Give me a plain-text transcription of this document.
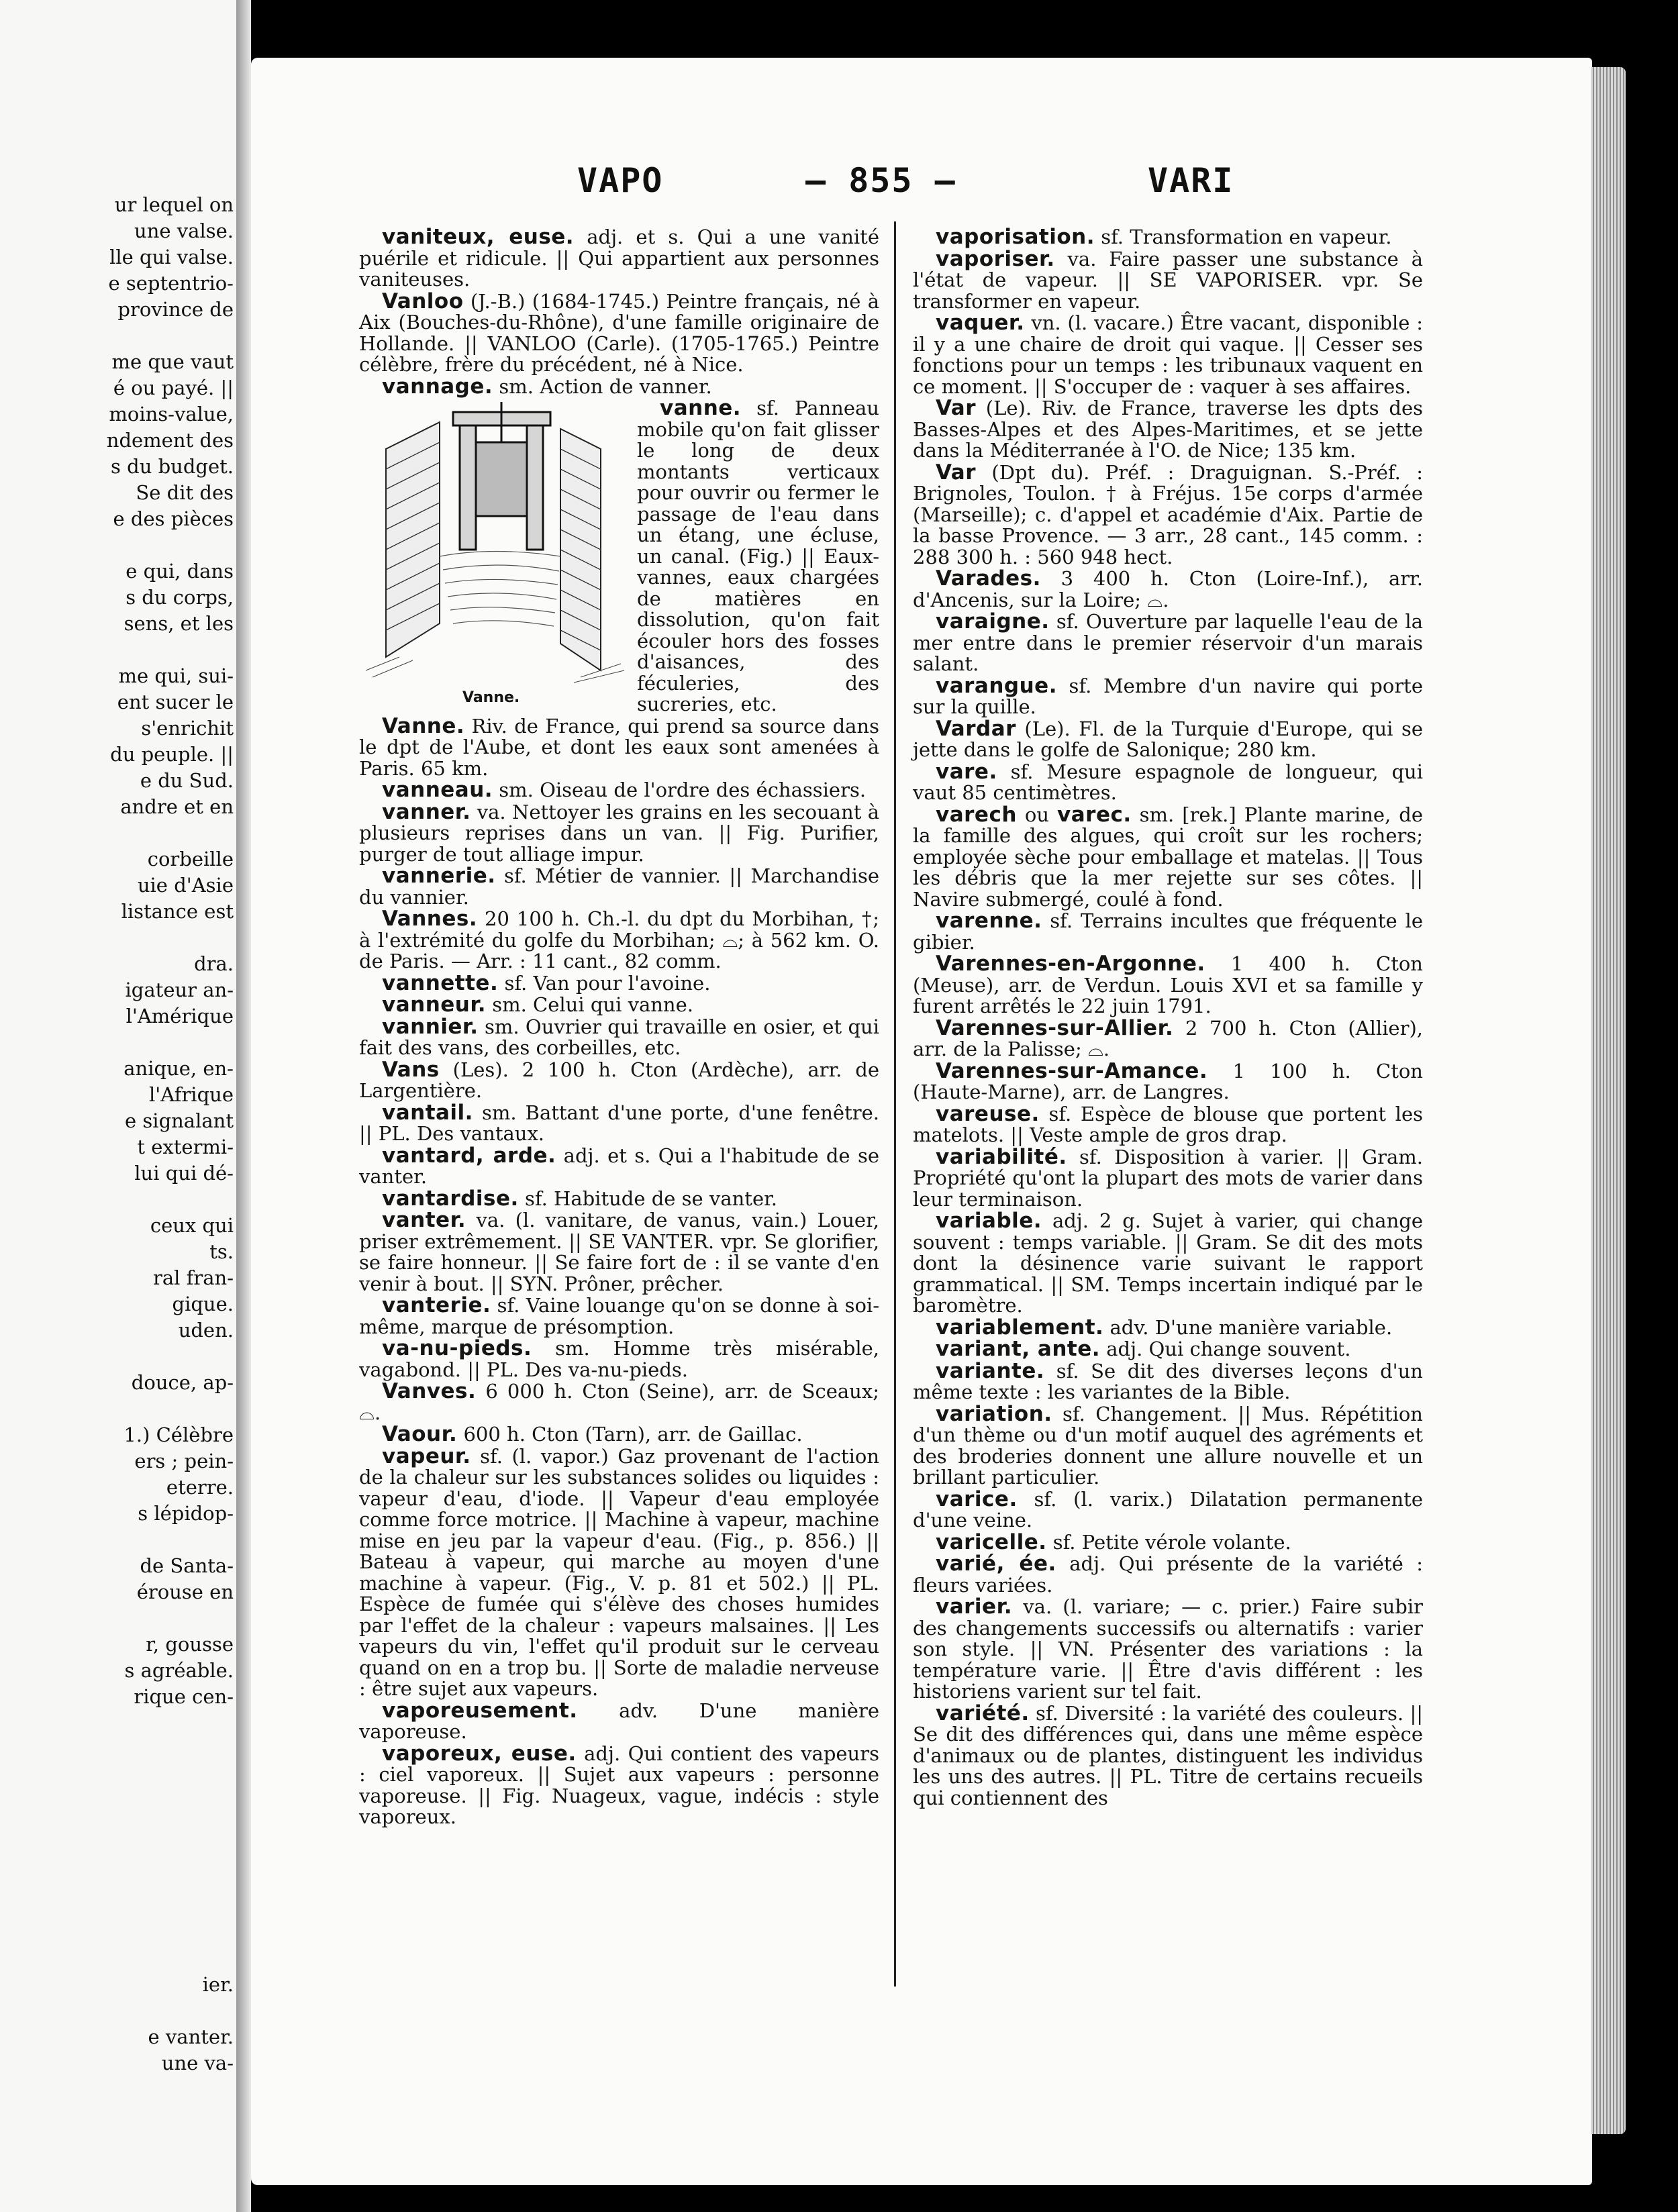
ur lequel on
une valse.
lle qui valse.
e septentrio-
province de
me que vaut
é ou payé. ||
moins-value,
ndement des
s du budget.
Se dit des
e des pièces
e qui, dans
s du corps,
sens, et les
me qui, sui-
ent sucer le
s'enrichit
du peuple. ||
e du Sud.
andre et en
corbeille
uie d'Asie
listance est
dra.
igateur an-
l'Amérique
anique, en-
l'Afrique
e signalant
t extermi-
lui qui dé-
ceux qui
ts.
ral fran-
gique.
uden.
douce, ap-
1.) Célèbre
ers ; pein-
eterre.
s lépidop-
de Santa-
érouse en
r, gousse
s agréable.
rique cen-
ier.
e vanter.
une va-
VAPO	— 855 —	VARI

vaniteux, euse. adj. et s. Qui a une vanité puérile et ridicule. || Qui appartient aux personnes vaniteuses.

Vanloo (J.-B.) (1684-1745.) Peintre français, né à Aix (Bouches-du-Rhône), d'une famille originaire de Hollande. || VANLOO (Carle). (1705-1765.) Peintre célèbre, frère du précédent, né à Nice.

vannage. sm. Action de vanner.

Vanne.
vanne. sf. Panneau mobile qu'on fait glisser le long de deux montants verticaux pour ouvrir ou fermer le passage de l'eau dans un étang, une écluse, un canal. (Fig.) || Eaux-vannes, eaux chargées de matières en dissolution, qu'on fait écouler hors des fosses d'aisances, des féculeries, des sucreries, etc.

Vanne. Riv. de France, qui prend sa source dans le dpt de l'Aube, et dont les eaux sont amenées à Paris. 65 km.

vanneau. sm. Oiseau de l'ordre des échassiers.

vanner. va. Nettoyer les grains en les secouant à plusieurs reprises dans un van. || Fig. Purifier, purger de tout alliage impur.

vannerie. sf. Métier de vannier. || Marchandise du vannier.

Vannes. 20 100 h. Ch.-l. du dpt du Morbihan, †; à l'extrémité du golfe du Morbihan; ⌓; à 562 km. O. de Paris. — Arr. : 11 cant., 82 comm.

vannette. sf. Van pour l'avoine.

vanneur. sm. Celui qui vanne.

vannier. sm. Ouvrier qui travaille en osier, et qui fait des vans, des corbeilles, etc.

Vans (Les). 2 100 h. Cton (Ardèche), arr. de Largentière.

vantail. sm. Battant d'une porte, d'une fenêtre. || PL. Des vantaux.

vantard, arde. adj. et s. Qui a l'habitude de se vanter.

vantardise. sf. Habitude de se vanter.

vanter. va. (l. vanitare, de vanus, vain.) Louer, priser extrêmement. || SE VANTER. vpr. Se glorifier, se faire honneur. || Se faire fort de : il se vante d'en venir à bout. || SYN. Prôner, prêcher.

vanterie. sf. Vaine louange qu'on se donne à soi-même, marque de présomption.

va-nu-pieds. sm. Homme très misérable, vagabond. || PL. Des va-nu-pieds.

Vanves. 6 000 h. Cton (Seine), arr. de Sceaux; ⌓.

Vaour. 600 h. Cton (Tarn), arr. de Gaillac.

vapeur. sf. (l. vapor.) Gaz provenant de l'action de la chaleur sur les substances solides ou liquides : vapeur d'eau, d'iode. || Vapeur d'eau employée comme force motrice. || Machine à vapeur, machine mise en jeu par la vapeur d'eau. (Fig., p. 856.) || Bateau à vapeur, qui marche au moyen d'une machine à vapeur. (Fig., V. p. 81 et 502.) || PL. Espèce de fumée qui s'élève des choses humides par l'effet de la chaleur : vapeurs malsaines. || Les vapeurs du vin, l'effet qu'il produit sur le cerveau quand on en a trop bu. || Sorte de maladie nerveuse : être sujet aux vapeurs.

vaporeusement. adv. D'une manière vaporeuse.

vaporeux, euse. adj. Qui contient des vapeurs : ciel vaporeux. || Sujet aux vapeurs : personne vaporeuse. || Fig. Nuageux, vague, indécis : style vaporeux.

vaporisation. sf. Transformation en vapeur.

vaporiser. va. Faire passer une substance à l'état de vapeur. || SE VAPORISER. vpr. Se transformer en vapeur.

vaquer. vn. (l. vacare.) Être vacant, disponible : il y a une chaire de droit qui vaque. || Cesser ses fonctions pour un temps : les tribunaux vaquent en ce moment. || S'occuper de : vaquer à ses affaires.

Var (Le). Riv. de France, traverse les dpts des Basses-Alpes et des Alpes-Maritimes, et se jette dans la Méditerranée à l'O. de Nice; 135 km.

Var (Dpt du). Préf. : Draguignan. S.-Préf. : Brignoles, Toulon. † à Fréjus. 15e corps d'armée (Marseille); c. d'appel et académie d'Aix. Partie de la basse Provence. — 3 arr., 28 cant., 145 comm. : 288 300 h. : 560 948 hect.

Varades. 3 400 h. Cton (Loire-Inf.), arr. d'Ancenis, sur la Loire; ⌓.

varaigne. sf. Ouverture par laquelle l'eau de la mer entre dans le premier réservoir d'un marais salant.

varangue. sf. Membre d'un navire qui porte sur la quille.

Vardar (Le). Fl. de la Turquie d'Europe, qui se jette dans le golfe de Salonique; 280 km.

vare. sf. Mesure espagnole de longueur, qui vaut 85 centimètres.

varech ou varec. sm. [rek.] Plante marine, de la famille des algues, qui croît sur les rochers; employée sèche pour emballage et matelas. || Tous les débris que la mer rejette sur ses côtes. || Navire submergé, coulé à fond.

varenne. sf. Terrains incultes que fréquente le gibier.

Varennes-en-Argonne. 1 400 h. Cton (Meuse), arr. de Verdun. Louis XVI et sa famille y furent arrêtés le 22 juin 1791.

Varennes-sur-Allier. 2 700 h. Cton (Allier), arr. de la Palisse; ⌓.

Varennes-sur-Amance. 1 100 h. Cton (Haute-Marne), arr. de Langres.

vareuse. sf. Espèce de blouse que portent les matelots. || Veste ample de gros drap.

variabilité. sf. Disposition à varier. || Gram. Propriété qu'ont la plupart des mots de varier dans leur terminaison.

variable. adj. 2 g. Sujet à varier, qui change souvent : temps variable. || Gram. Se dit des mots dont la désinence varie suivant le rapport grammatical. || SM. Temps incertain indiqué par le baromètre.

variablement. adv. D'une manière variable.

variant, ante. adj. Qui change souvent.

variante. sf. Se dit des diverses leçons d'un même texte : les variantes de la Bible.

variation. sf. Changement. || Mus. Répétition d'un thème ou d'un motif auquel des agréments et des broderies donnent une allure nouvelle et un brillant particulier.

varice. sf. (l. varix.) Dilatation permanente d'une veine.

varicelle. sf. Petite vérole volante.

varié, ée. adj. Qui présente de la variété : fleurs variées.

varier. va. (l. variare; — c. prier.) Faire subir des changements successifs ou alternatifs : varier son style. || VN. Présenter des variations : la température varie. || Être d'avis différent : les historiens varient sur tel fait.

variété. sf. Diversité : la variété des couleurs. || Se dit des différences qui, dans une même espèce d'animaux ou de plantes, distinguent les individus les uns des autres. || PL. Titre de certains recueils qui contiennent des
